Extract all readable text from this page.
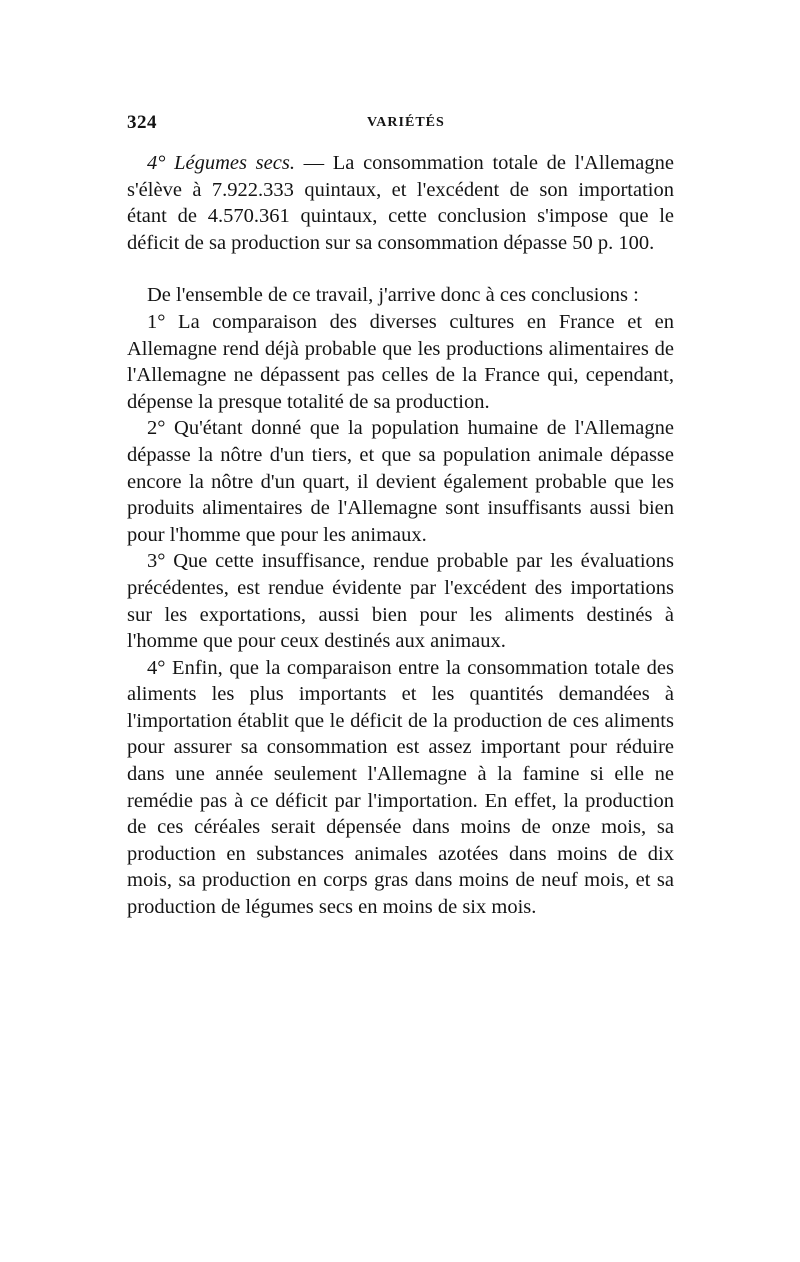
324	VARIÉTÉS

4° Légumes secs. — La consommation totale de l'Allemagne s'élève à 7.922.333 quintaux, et l'excédent de son importation étant de 4.570.361 quintaux, cette conclusion s'impose que le déficit de sa production sur sa consommation dépasse 50 p. 100.

De l'ensemble de ce travail, j'arrive donc à ces conclusions :

1° La comparaison des diverses cultures en France et en Allemagne rend déjà probable que les productions alimentaires de l'Allemagne ne dépassent pas celles de la France qui, cependant, dépense la presque totalité de sa production.

2° Qu'étant donné que la population humaine de l'Allemagne dépasse la nôtre d'un tiers, et que sa population animale dépasse encore la nôtre d'un quart, il devient également probable que les produits alimentaires de l'Allemagne sont insuffisants aussi bien pour l'homme que pour les animaux.

3° Que cette insuffisance, rendue probable par les évaluations précédentes, est rendue évidente par l'excédent des importations sur les exportations, aussi bien pour les aliments destinés à l'homme que pour ceux destinés aux animaux.

4° Enfin, que la comparaison entre la consommation totale des aliments les plus importants et les quantités demandées à l'importation établit que le déficit de la production de ces aliments pour assurer sa consommation est assez important pour réduire dans une année seulement l'Allemagne à la famine si elle ne remédie pas à ce déficit par l'importation. En effet, la production de ces céréales serait dépensée dans moins de onze mois, sa production en substances animales azotées dans moins de dix mois, sa production en corps gras dans moins de neuf mois, et sa production de légumes secs en moins de six mois.
